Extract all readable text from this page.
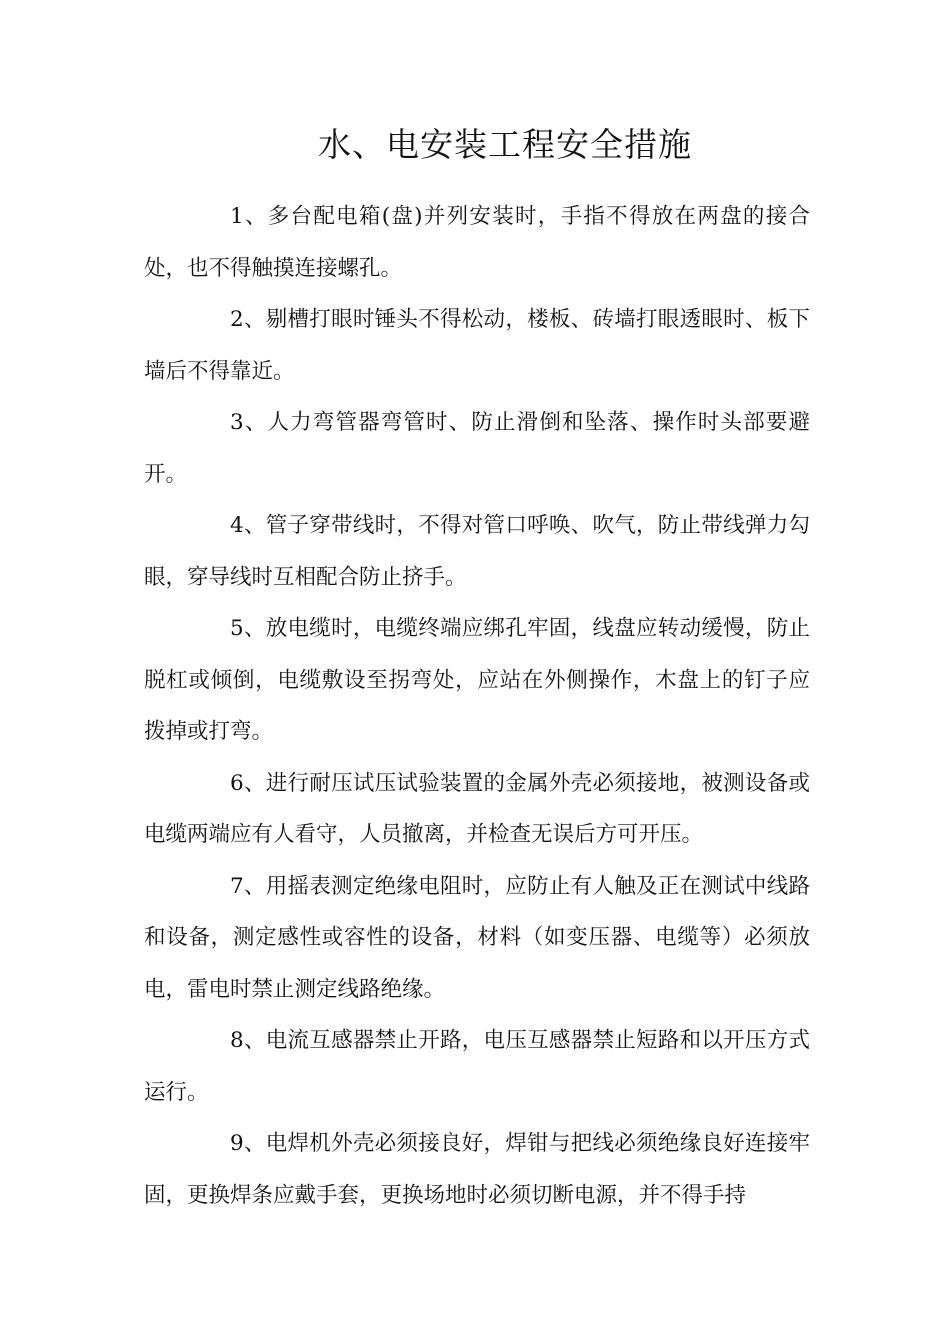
水、电安装工程安全措施

1、多台配电箱(盘)并列安装时，手指不得放在两盘的接合处，也不得触摸连接螺孔。

2、剔槽打眼时锤头不得松动，楼板、砖墙打眼透眼时、板下墙后不得靠近。

3、人力弯管器弯管时、防止滑倒和坠落、操作时头部要避开。

4、管子穿带线时，不得对管口呼唤、吹气，防止带线弹力勾眼，穿导线时互相配合防止挤手。

5、放电缆时，电缆终端应绑孔牢固，线盘应转动缓慢，防止脱杠或倾倒，电缆敷设至拐弯处，应站在外侧操作，木盘上的钉子应拨掉或打弯。

6、进行耐压试压试验装置的金属外壳必须接地，被测设备或电缆两端应有人看守，人员撤离，并检查无误后方可开压。

7、用摇表测定绝缘电阻时，应防止有人触及正在测试中线路和设备，测定感性或容性的设备，材料（如变压器、电缆等）必须放电，雷电时禁止测定线路绝缘。

8、电流互感器禁止开路，电压互感器禁止短路和以开压方式运行。

9、电焊机外壳必须接良好，焊钳与把线必须绝缘良好连接牢固，更换焊条应戴手套，更换场地时必须切断电源，并不得手持
